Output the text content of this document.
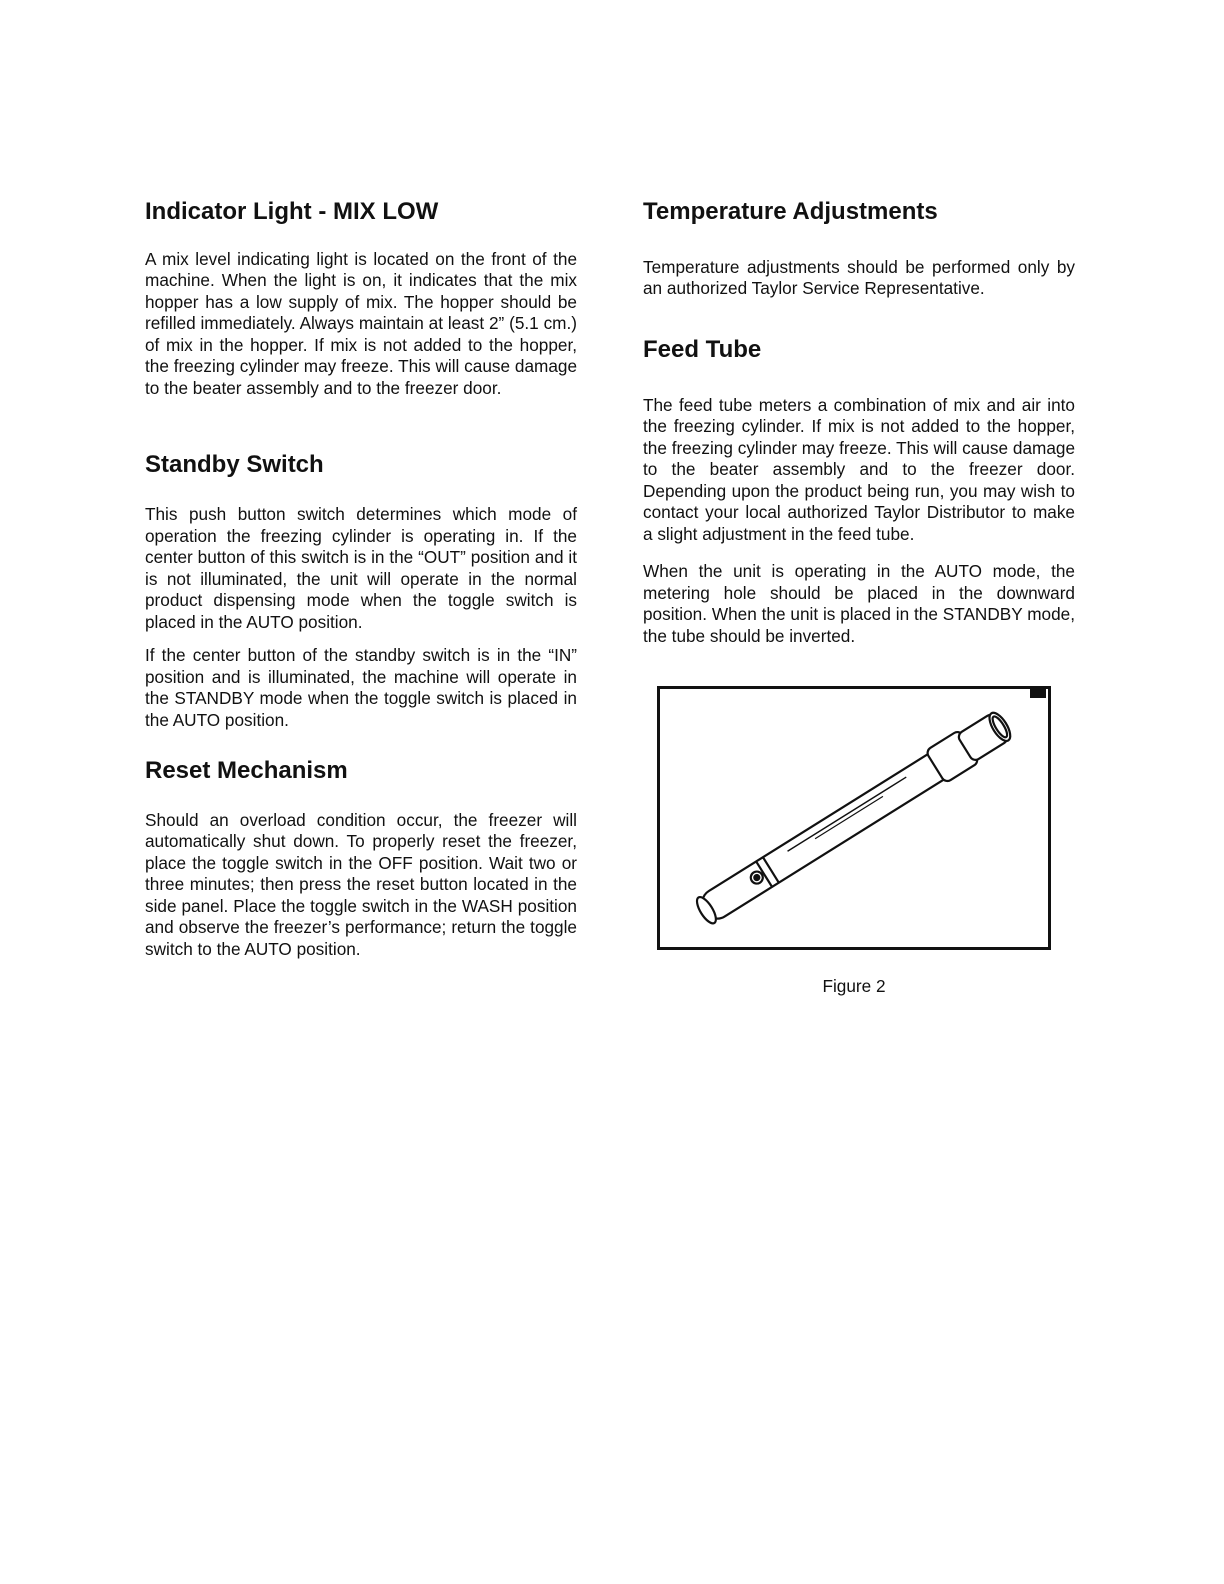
Indicator Light - MIX LOW

A mix level indicating light is located on the front of the machine. When the light is on, it indicates that the mix hopper has a low supply of mix. The hopper should be refilled immediately. Always maintain at least 2” (5.1 cm.) of mix in the hopper. If mix is not added to the hopper, the freezing cylinder may freeze. This will cause damage to the beater assembly and to the freezer door.

Standby Switch

This push button switch determines which mode of operation the freezing cylinder is operating in. If the center button of this switch is in the “OUT” position and it is not illuminated, the unit will operate in the normal product dispensing mode when the toggle switch is placed in the AUTO position.

If the center button of the standby switch is in the “IN” position and is illuminated, the machine will operate in the STANDBY mode when the toggle switch is placed in the AUTO position.

Reset Mechanism

Should an overload condition occur, the freezer will automatically shut down. To properly reset the freezer, place the toggle switch in the OFF position. Wait two or three minutes; then press the reset button located in the side panel. Place the toggle switch in the WASH position and observe the freezer’s performance; return the toggle switch to the AUTO position.

Temperature Adjustments

Temperature adjustments should be performed only by an authorized Taylor Service Representative.

Feed Tube

The feed tube meters a combination of mix and air into the freezing cylinder. If mix is not added to the hopper, the freezing cylinder may freeze. This will cause damage to the beater assembly and to the freezer door. Depending upon the product being run, you may wish to contact your local authorized Taylor Distributor to make a slight adjustment in the feed tube.

When the unit is operating in the AUTO mode, the metering hole should be placed in the downward position. When the unit is placed in the STANDBY mode, the tube should be inverted.

Figure 2
